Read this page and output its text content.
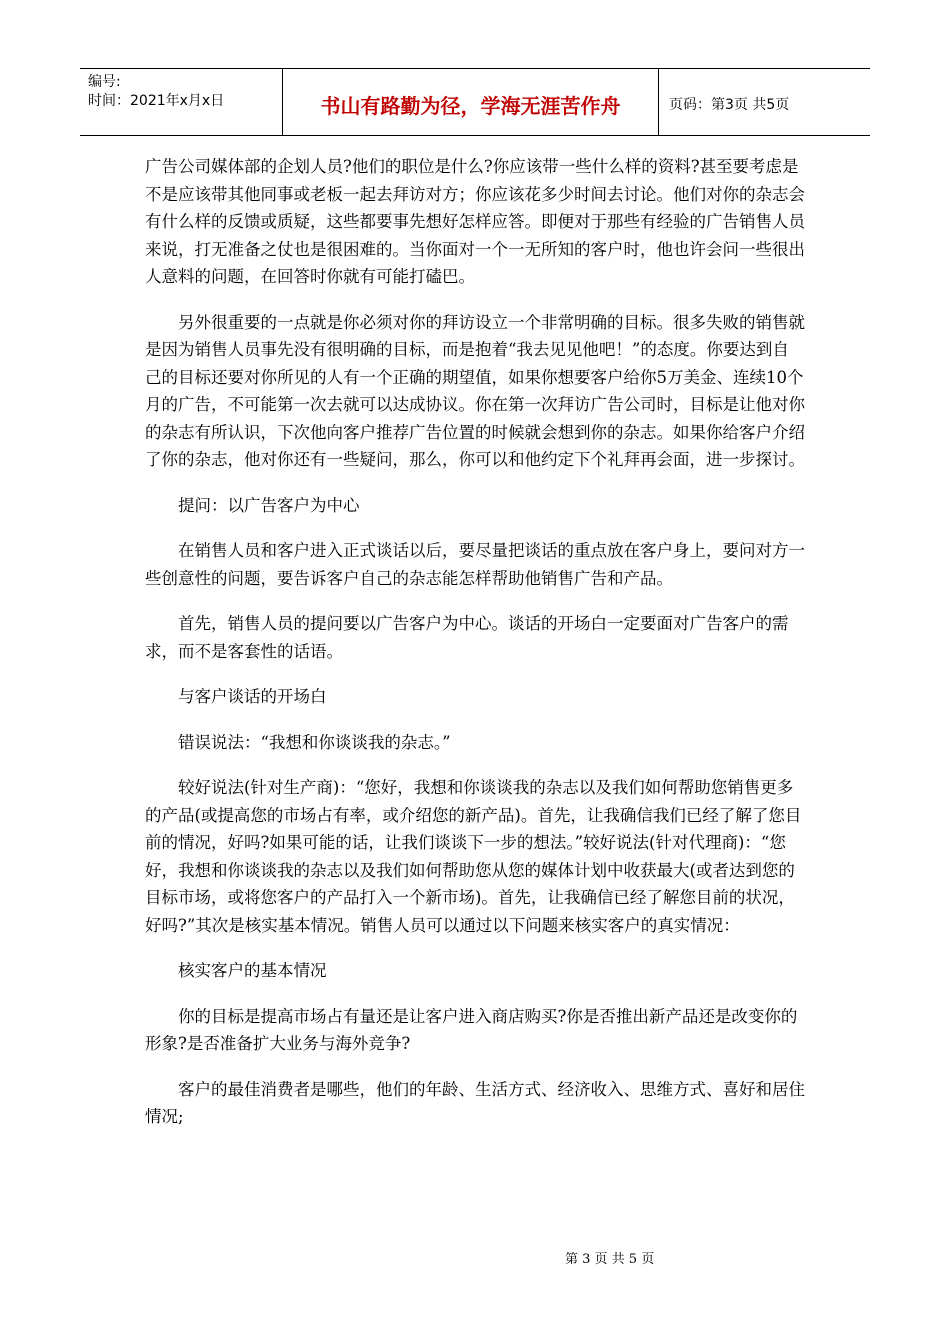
编号:
时间：2021年x月x日	书山有路勤为径，学海无涯苦作舟	页码：第3页 共5页

广告公司媒体部的企划人员?他们的职位是什么?你应该带一些什么样的资料?甚至要考虑是不是应该带其他同事或老板一起去拜访对方；你应该花多少时间去讨论。他们对你的杂志会有什么样的反馈或质疑，这些都要事先想好怎样应答。即便对于那些有经验的广告销售人员来说，打无准备之仗也是很困难的。当你面对一个一无所知的客户时，他也许会问一些很出人意料的问题，在回答时你就有可能打磕巴。

另外很重要的一点就是你必须对你的拜访设立一个非常明确的目标。很多失败的销售就是因为销售人员事先没有很明确的目标，而是抱着“我去见见他吧！”的态度。你要达到自己的目标还要对你所见的人有一个正确的期望值，如果你想要客户给你5万美金、连续10个月的广告，不可能第一次去就可以达成协议。你在第一次拜访广告公司时，目标是让他对你的杂志有所认识，下次他向客户推荐广告位置的时候就会想到你的杂志。如果你给客户介绍了你的杂志，他对你还有一些疑问，那么，你可以和他约定下个礼拜再会面，进一步探讨。

提问：以广告客户为中心

在销售人员和客户进入正式谈话以后，要尽量把谈话的重点放在客户身上，要问对方一些创意性的问题，要告诉客户自己的杂志能怎样帮助他销售广告和产品。

首先，销售人员的提问要以广告客户为中心。谈话的开场白一定要面对广告客户的需求，而不是客套性的话语。

与客户谈话的开场白

错误说法：“我想和你谈谈我的杂志。”

较好说法(针对生产商)：“您好，我想和你谈谈我的杂志以及我们如何帮助您销售更多的产品(或提高您的市场占有率，或介绍您的新产品)。首先，让我确信我们已经了解了您目前的情况，好吗?如果可能的话，让我们谈谈下一步的想法。”较好说法(针对代理商)：“您好，我想和你谈谈我的杂志以及我们如何帮助您从您的媒体计划中收获最大(或者达到您的目标市场，或将您客户的产品打入一个新市场)。首先，让我确信已经了解您目前的状况，好吗?”其次是核实基本情况。销售人员可以通过以下问题来核实客户的真实情况：

核实客户的基本情况

你的目标是提高市场占有量还是让客户进入商店购买?你是否推出新产品还是改变你的形象?是否准备扩大业务与海外竞争?

客户的最佳消费者是哪些，他们的年龄、生活方式、经济收入、思维方式、喜好和居住情况;

第 3 页 共 5 页
